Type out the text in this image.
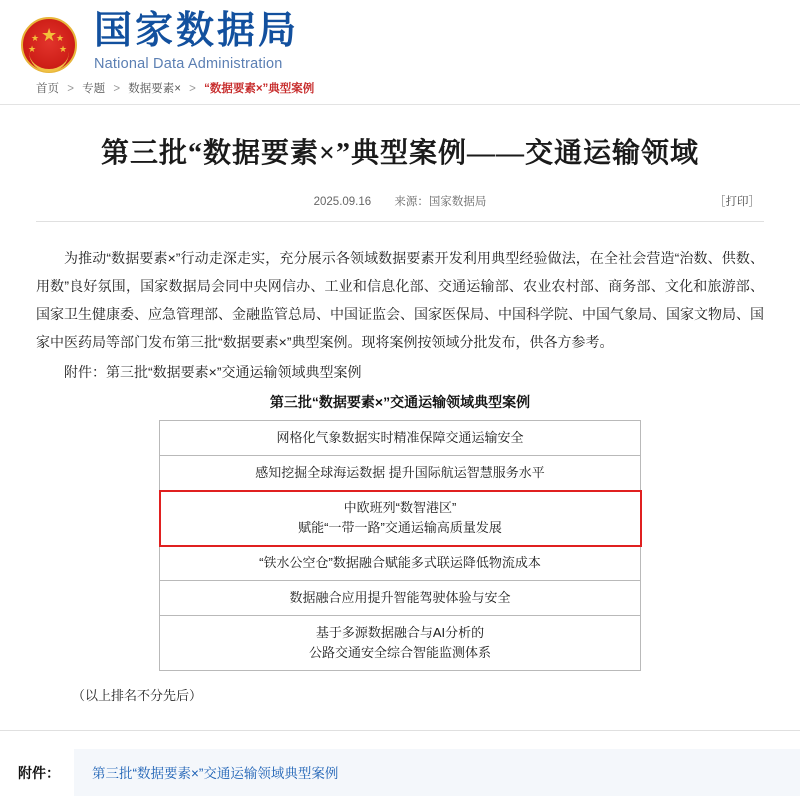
★
★
★
★
★ 国家数据局
National Data Administration
首页 > 专题 > 数据要素× > “数据要素×”典型案例
第三批“数据要素×”典型案例——交通运输领域
2025.09.16 来源：国家数据局	［打印］

为推动“数据要素×”行动走深走实，充分展示各领域数据要素开发利用典型经验做法，在全社会营造“治数、供数、用数”良好氛围，国家数据局会同中央网信办、工业和信息化部、交通运输部、农业农村部、商务部、文化和旅游部、国家卫生健康委、应急管理部、金融监管总局、中国证监会、国家医保局、中国科学院、中国气象局、国家文物局、国家中医药局等部门发布第三批“数据要素×”典型案例。现将案例按领域分批发布，供各方参考。

附件：第三批“数据要素×”交通运输领域典型案例
第三批“数据要素×”交通运输领域典型案例
网格化气象数据实时精准保障交通运输安全
感知挖掘全球海运数据 提升国际航运智慧服务水平

中欧班列“数智港区”
赋能“一带一路”交通运输高质量发展

“铁水公空仓”数据融合赋能多式联运降低物流成本
数据融合应用提升智能驾驶体验与安全

基于多源数据融合与AI分析的
公路交通安全综合智能监测体系
（以上排名不分先后）
附件：	第三批“数据要素×”交通运输领域典型案例
